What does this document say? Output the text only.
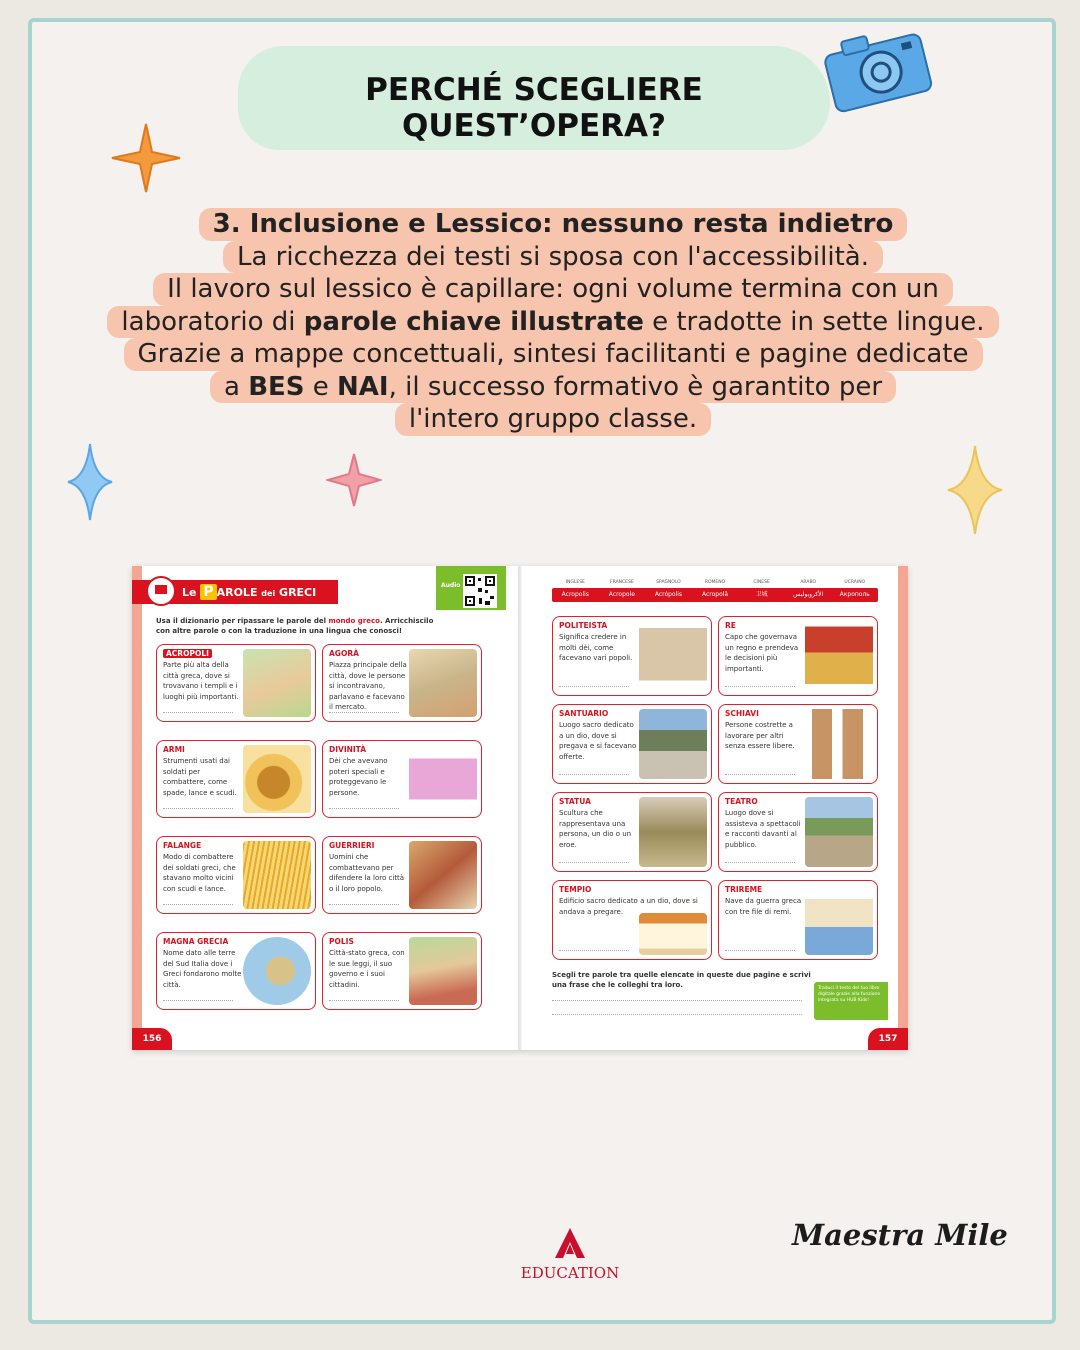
PERCHÉ SCEGLIERE QUEST’OPERA?
3. Inclusione e Lessico: nessuno resta indietro
La ricchezza dei testi si sposa con l'accessibilità.
Il lavoro sul lessico è capillare: ogni volume termina con un
laboratorio di parole chiave illustrate e tradotte in sette lingue.
Grazie a mappe concettuali, sintesi facilitanti e pagine dedicate
a BES e NAI, il successo formativo è garantito per
l'intero gruppo classe.
Le P AROLE dei GRECI
Audio
Usa il dizionario per ripassare le parole del mondo greco. Arricchiscilo
con altre parole o con la traduzione in una lingua che conosci!
ACROPOLI
Parte più alta della città greca, dove si trovavano i templi e i luoghi più importanti.
AGORÀ
Piazza principale della città, dove le persone si incontravano, parlavano e facevano il mercato.
ARMI
Strumenti usati dai soldati per combattere, come spade, lance e scudi.
DIVINITÀ
Dèi che avevano poteri speciali e proteggevano le persone.
FALANGE
Modo di combattere dei soldati greci, che stavano molto vicini con scudi e lance.
GUERRIERI
Uomini che combattevano per difendere la loro città o il loro popolo.
MAGNA GRECIA
Nome dato alle terre del Sud Italia dove i Greci fondarono molte città.
POLIS
Città-stato greca, con le sue leggi, il suo governo e i suoi cittadini.
156
INGLESE
Acropolis
FRANCESE
Acropole
SPAGNOLO
Acrópolis
ROMENO
Acropolă
CINESE
卫城
ARABO
الأكروبوليس
UCRAINO
Акрополь
POLITEISTA
Significa credere in molti dèi, come facevano vari popoli.
RE
Capo che governava un regno e prendeva le decisioni più importanti.
SANTUARIO
Luogo sacro dedicato a un dio, dove si pregava e si facevano offerte.
SCHIAVI
Persone costrette a lavorare per altri senza essere libere.
STATUA
Scultura che rappresentava una persona, un dio o un eroe.
TEATRO
Luogo dove si assisteva a spettacoli e racconti davanti al pubblico.
TEMPIO
Edificio sacro dedicato a un dio, dove si andava a pregare.
TRIREME
Nave da guerra greca con tre file di remi.
Scegli tre parole tra quelle elencate in queste due pagine e scrivi una frase che le colleghi tra loro.	Traduci il testo del tuo libro digitale grazie alla funzione integrata su HUB Kids!
157
EDUCATION
Maestra Mile
